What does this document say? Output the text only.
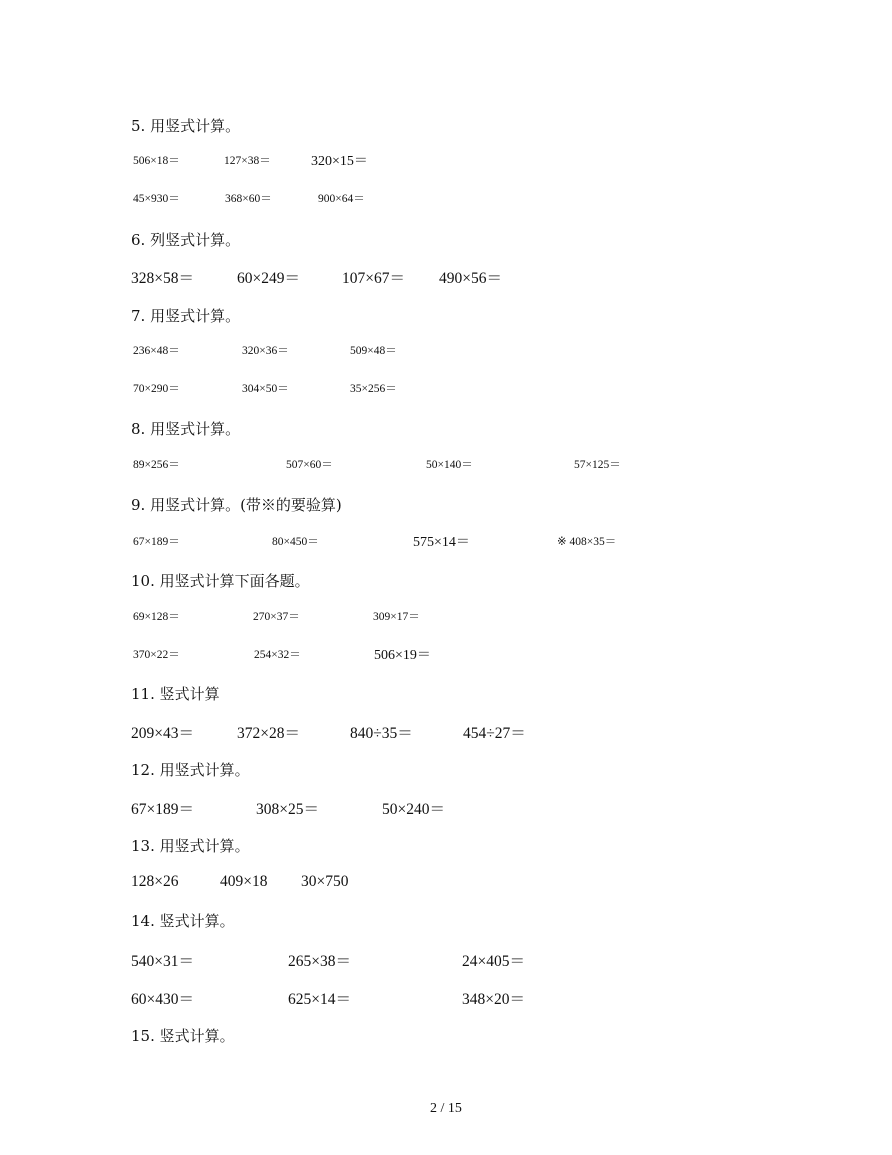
5. 用竖式计算。
506×18＝	127×38＝	320×15＝
45×930＝	368×60＝	900×64＝
6. 列竖式计算。
328×58＝	60×249＝	107×67＝ 490×56＝
7. 用竖式计算。
236×48＝	320×36＝	509×48＝
70×290＝	304×50＝	35×256＝
8. 用竖式计算。
89×256＝	507×60＝	50×140＝	57×125＝
9. 用竖式计算。(带※的要验算)
67×189＝	80×450＝	575×14＝	※ 408×35＝
10. 用竖式计算下面各题。
69×128＝	270×37＝	309×17＝
370×22＝	254×32＝	506×19＝
11. 竖式计算
209×43＝	372×28＝	840÷35＝	454÷27＝
12. 用竖式计算。
67×189＝	308×25＝	50×240＝
13. 用竖式计算。
128×26	409×18 30×750
14. 竖式计算。
540×31＝	265×38＝	24×405＝
60×430＝	625×14＝	348×20＝
15. 竖式计算。
2 / 15
